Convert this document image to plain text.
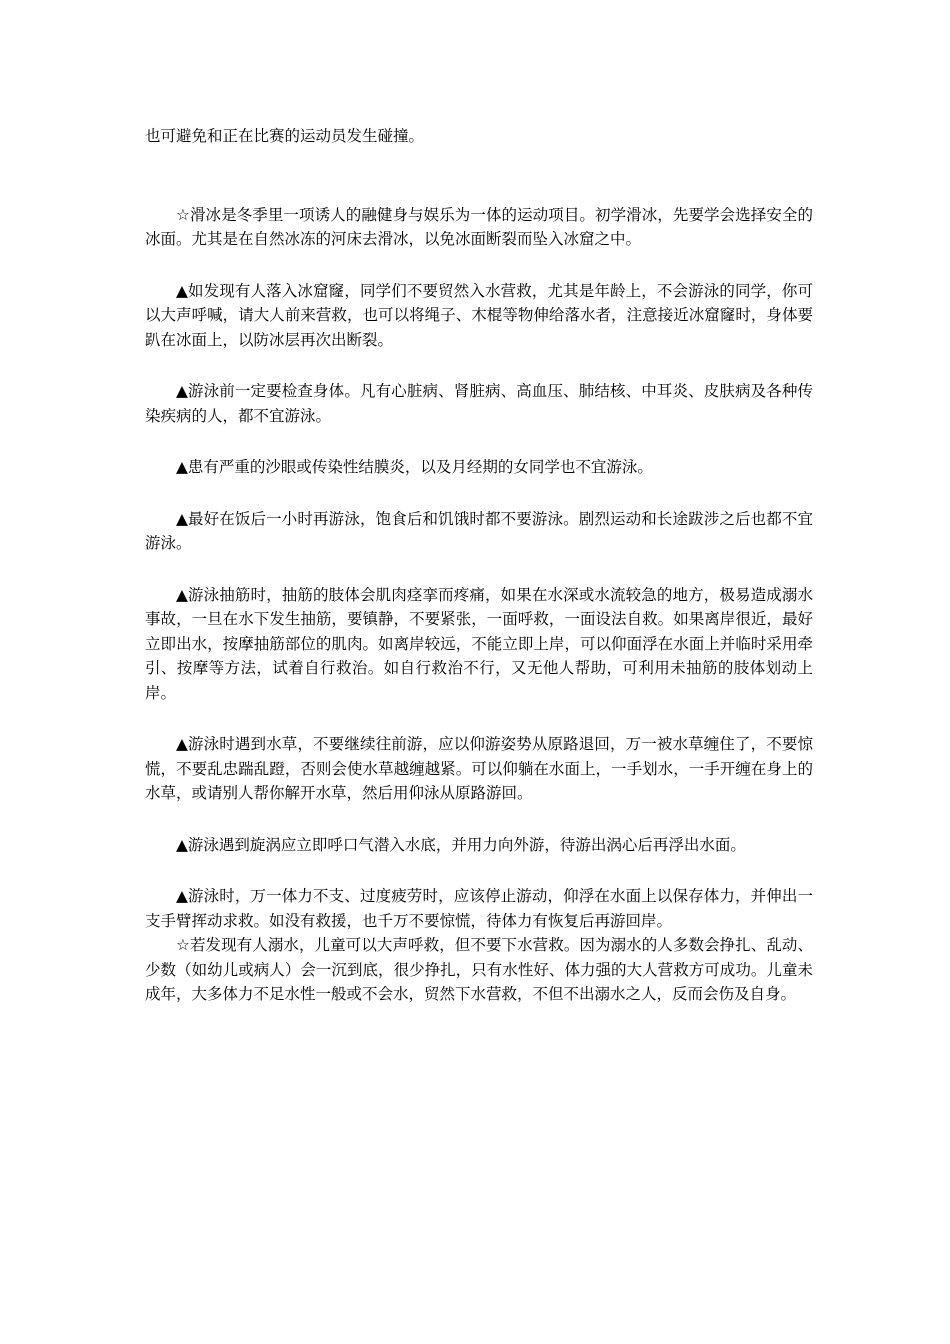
也可避免和正在比赛的运动员发生碰撞。

☆滑冰是冬季里一项诱人的融健身与娱乐为一体的运动项目。初学滑冰，先要学会选择安全的冰面。尤其是在自然冰冻的河床去滑冰，以免冰面断裂而坠入冰窟之中。

▲如发现有人落入冰窟窿，同学们不要贸然入水营救，尤其是年龄上，不会游泳的同学，你可以大声呼喊，请大人前来营救，也可以将绳子、木棍等物伸给落水者，注意接近冰窟窿时，身体要趴在冰面上，以防冰层再次出断裂。

▲游泳前一定要检查身体。凡有心脏病、肾脏病、高血压、肺结核、中耳炎、皮肤病及各种传染疾病的人，都不宜游泳。

▲患有严重的沙眼或传染性结膜炎，以及月经期的女同学也不宜游泳。

▲最好在饭后一小时再游泳，饱食后和饥饿时都不要游泳。剧烈运动和长途跋涉之后也都不宜游泳。

▲游泳抽筋时，抽筋的肢体会肌肉痉挛而疼痛，如果在水深或水流较急的地方，极易造成溺水事故，一旦在水下发生抽筋，要镇静，不要紧张，一面呼救，一面设法自救。如果离岸很近，最好立即出水，按摩抽筋部位的肌肉。如离岸较远，不能立即上岸，可以仰面浮在水面上并临时采用牵引、按摩等方法，试着自行救治。如自行救治不行，又无他人帮助，可利用未抽筋的肢体划动上岸。

▲游泳时遇到水草，不要继续往前游，应以仰游姿势从原路退回，万一被水草缠住了，不要惊慌，不要乱忠踹乱蹬，否则会使水草越缠越紧。可以仰躺在水面上，一手划水，一手开缠在身上的水草，或请别人帮你解开水草，然后用仰泳从原路游回。

▲游泳遇到旋涡应立即呼口气潜入水底，并用力向外游，待游出涡心后再浮出水面。

▲游泳时，万一体力不支、过度疲劳时，应该停止游动，仰浮在水面上以保存体力，并伸出一支手臂挥动求救。如没有救援，也千万不要惊慌，待体力有恢复后再游回岸。

☆若发现有人溺水，儿童可以大声呼救，但不要下水营救。因为溺水的人多数会挣扎、乱动、少数（如幼儿或病人）会一沉到底，很少挣扎，只有水性好、体力强的大人营救方可成功。儿童未成年，大多体力不足水性一般或不会水，贸然下水营救，不但不出溺水之人，反而会伤及自身。
